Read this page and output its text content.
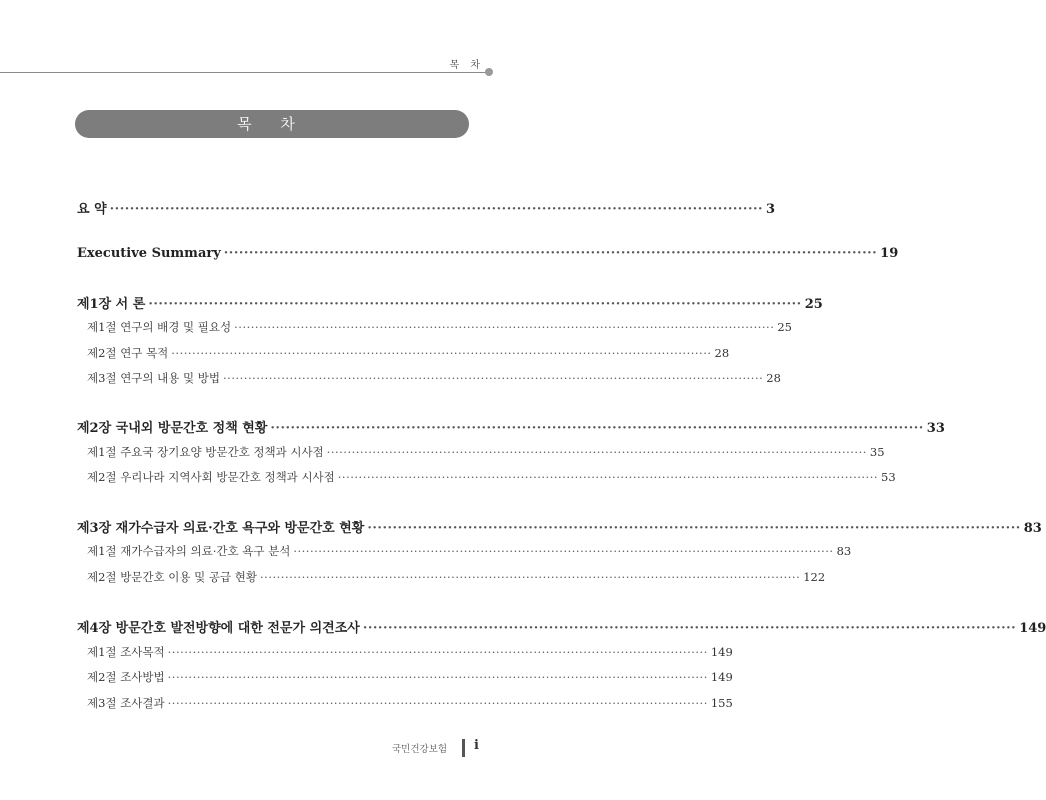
목 차
목 차
요 약 ·································································································································· 3
Executive Summary ·································································································································· 19
제1장 서 론 ·································································································································· 25
제1절 연구의 배경 및 필요성 ·································································································································· 25
제2절 연구 목적 ·································································································································· 28
제3절 연구의 내용 및 방법 ·································································································································· 28
제2장 국내외 방문간호 정책 현황 ·································································································································· 33
제1절 주요국 장기요양 방문간호 정책과 시사점 ·································································································································· 35
제2절 우리나라 지역사회 방문간호 정책과 시사점 ·································································································································· 53
제3장 재가수급자 의료·간호 욕구와 방문간호 현황 ·································································································································· 83
제1절 재가수급자의 의료·간호 욕구 분석 ·································································································································· 83
제2절 방문간호 이용 및 공급 현황 ·································································································································· 122
제4장 방문간호 발전방향에 대한 전문가 의견조사 ·································································································································· 149
제1절 조사목적 ·································································································································· 149
제2절 조사방법 ·································································································································· 149
제3절 조사결과 ·································································································································· 155
국민건강보험 i
